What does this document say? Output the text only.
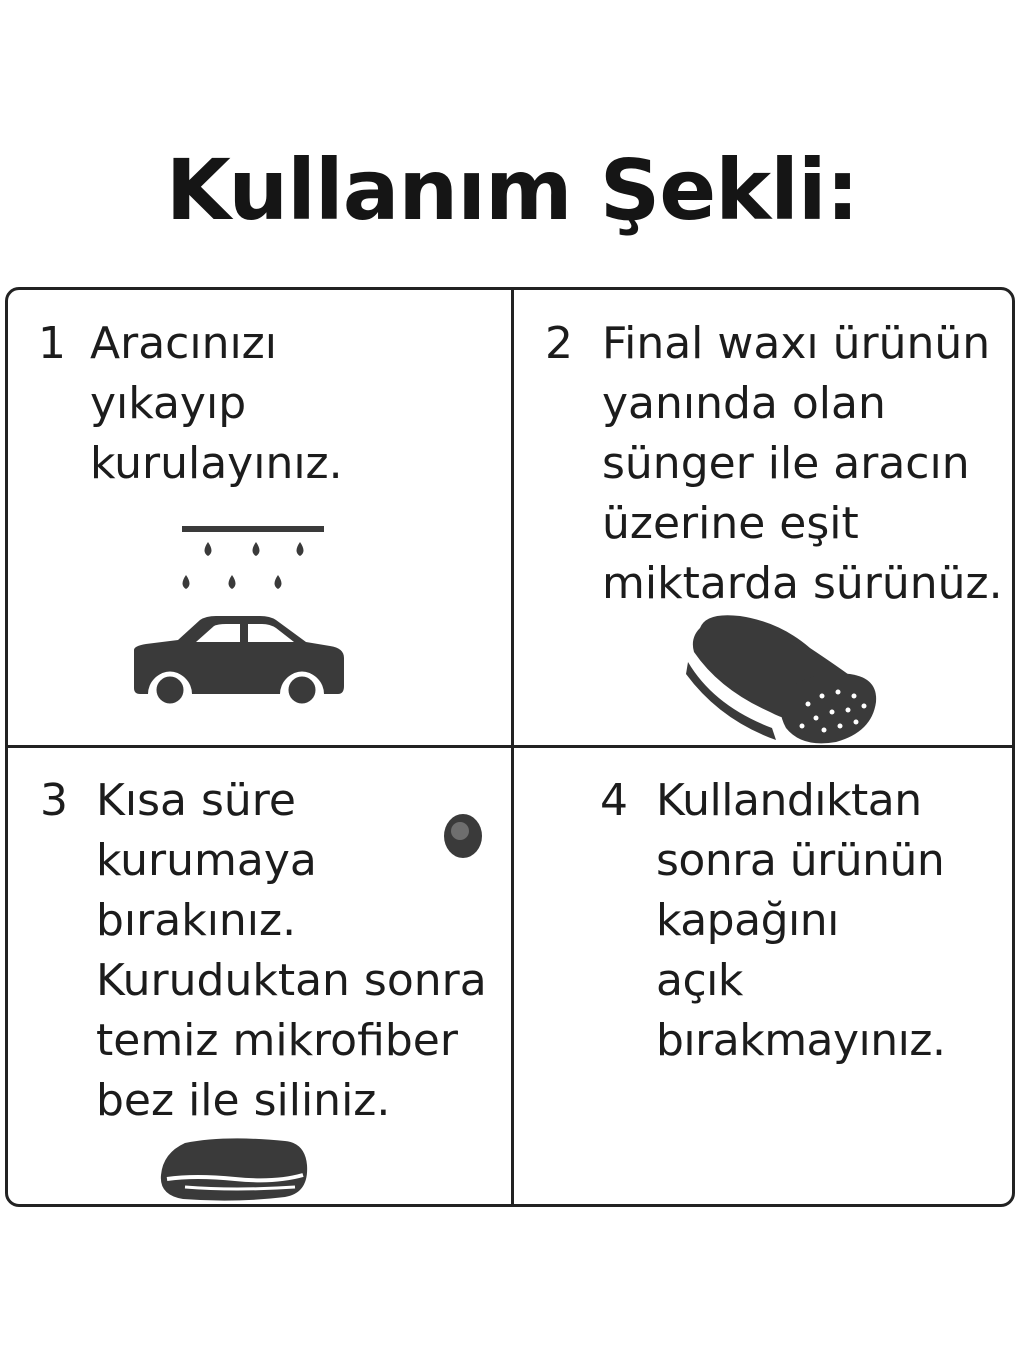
Kullanım Şekli:
1 Aracınızı
yıkayıp
kurulayınız.
2 Final waxı ürünün
yanında olan
sünger ile aracın
üzerine eşit
miktarda sürünüz.
3 Kısa süre
kurumaya
bırakınız.
Kuruduktan sonra
temiz mikrofiber
bez ile siliniz.
4 Kullandıktan
sonra ürünün
kapağını
açık bırakmayınız.
